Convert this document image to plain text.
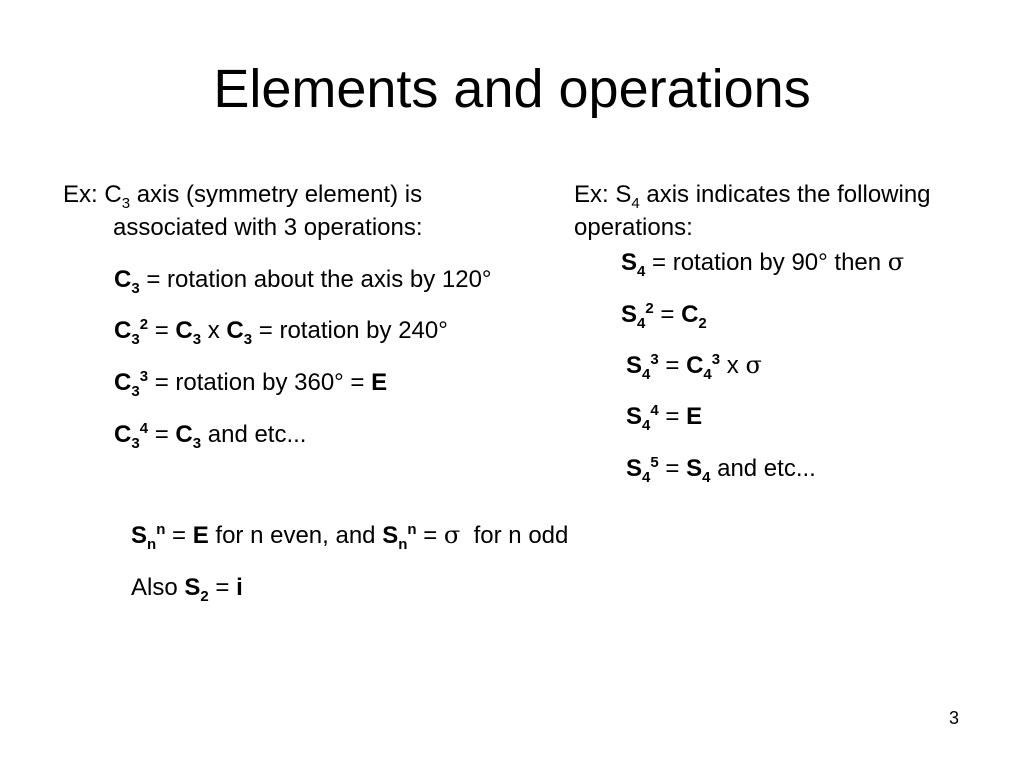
Elements and operations
Ex: $C_3$ axis (symmetry element) is
associated with 3 operations:
$C_3$ = rotation about the axis by 120°
$C_3^2 = C_3$ x $C_3$ = rotation by 240°
$C_3^3$ = rotation by 360° = E
$C_3^4 = C_3$ and etc...
Ex: $S_4$ axis indicates the following
operations:
$S_4$ = rotation by 90° then σ
$S_4^2 = C_2$
$S_4^3 = C_4^3$ x σ
$S_4^4 = E$
$S_4^5 = S_4$ and etc...
$S_n^n = E$ for n even, and $S_n^n = \sigma$  for n odd
Also $S_2 = i$
3
